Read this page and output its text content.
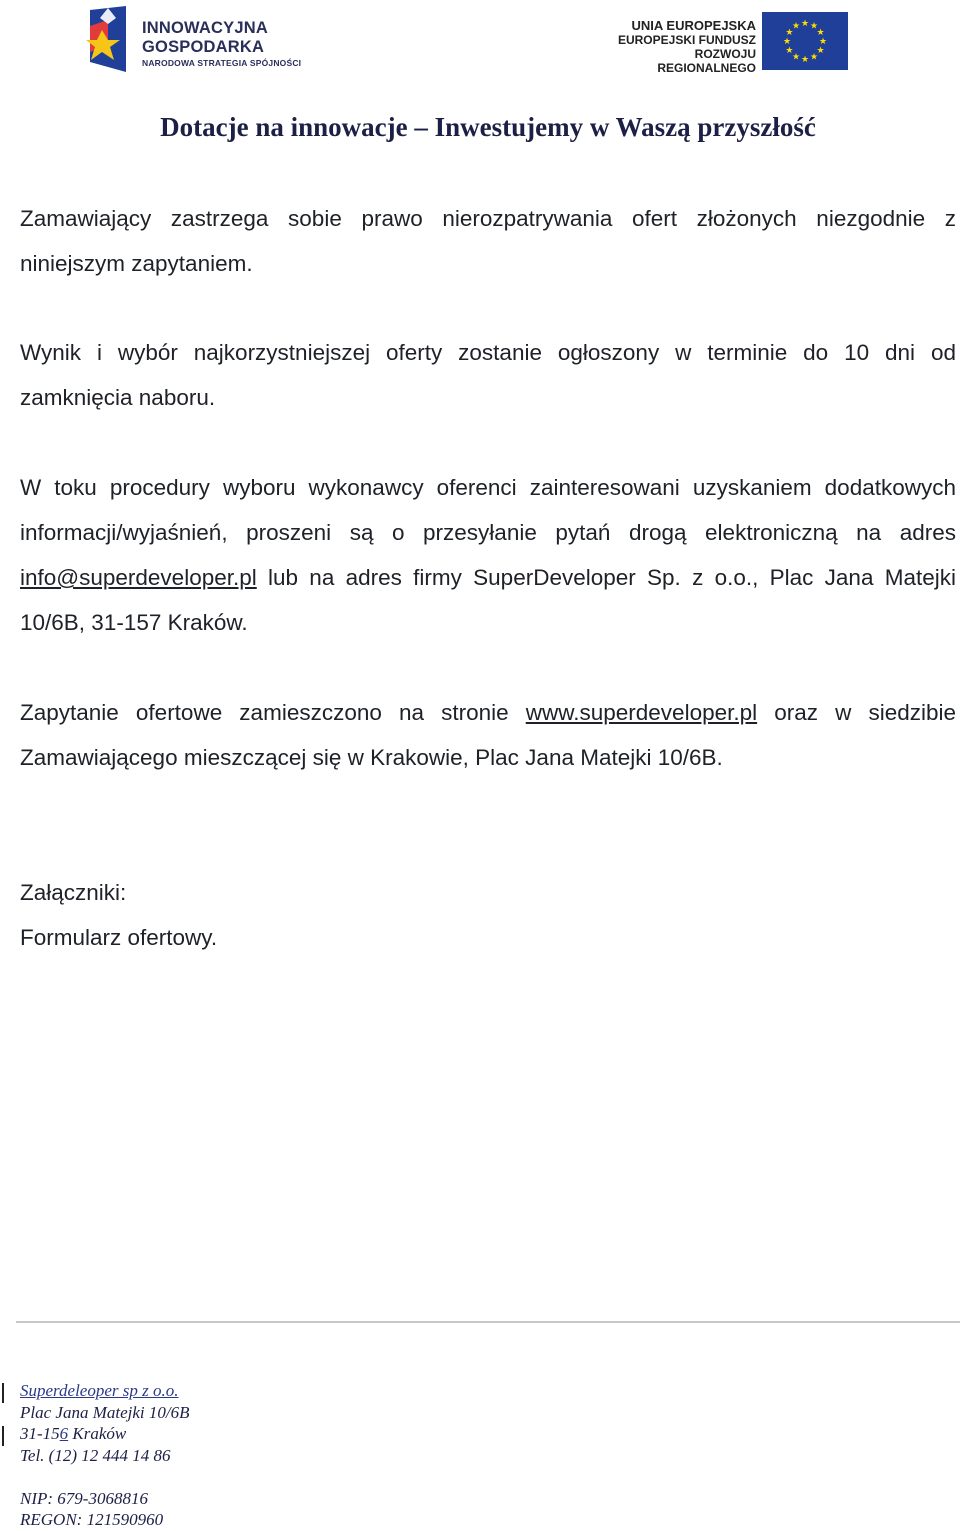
INNOWACYJNA
GOSPODARKA
NARODOWA STRATEGIA SPÓJNOŚCI
UNIA EUROPEJSKA
EUROPEJSKI FUNDUSZ
ROZWOJU REGIONALNEGO
★ ★
★
★
★
★
★
★
★
★
★
★
Dotacje na innowacje – Inwestujemy w Waszą przyszłość
Zamawiający zastrzega sobie prawo nierozpatrywania ofert złożonych niezgodnie z niniejszym zapytaniem.
Wynik i wybór najkorzystniejszej oferty zostanie ogłoszony w terminie do 10 dni od zamknięcia naboru.
W toku procedury wyboru wykonawcy oferenci zainteresowani uzyskaniem dodatkowych informacji/wyjaśnień, proszeni są o przesyłanie pytań drogą elektroniczną na adres info@superdeveloper.pl lub na adres firmy SuperDeveloper Sp. z o.o., Plac Jana Matejki 10/6B, 31-157 Kraków.
Zapytanie ofertowe zamieszczono na stronie www.superdeveloper.pl oraz w siedzibie Zamawiającego mieszczącej się w Krakowie, Plac Jana Matejki 10/6B.
Załączniki:
Formularz ofertowy.
Superdeleoper sp z o.o.
Plac Jana Matejki 10/6B
31-156 Kraków
Tel. (12) 12 444 14 86
NIP: 679-3068816
REGON: 121590960
